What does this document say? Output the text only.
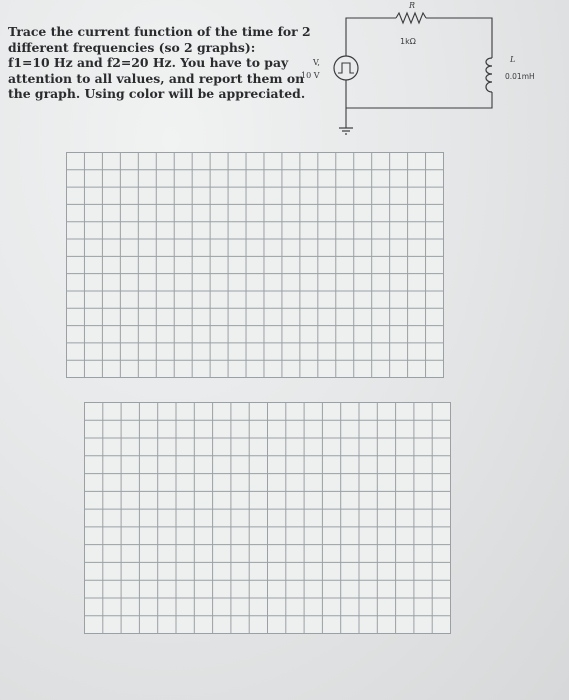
Trace the current function of the time for 2
different frequencies (so 2 graphs):
f1=10 Hz and f2=20 Hz. You have to pay
attention to all values, and report them on
the graph. Using color will be appreciated.
R
1kΩ
V,
10 V
L
0.01mH
